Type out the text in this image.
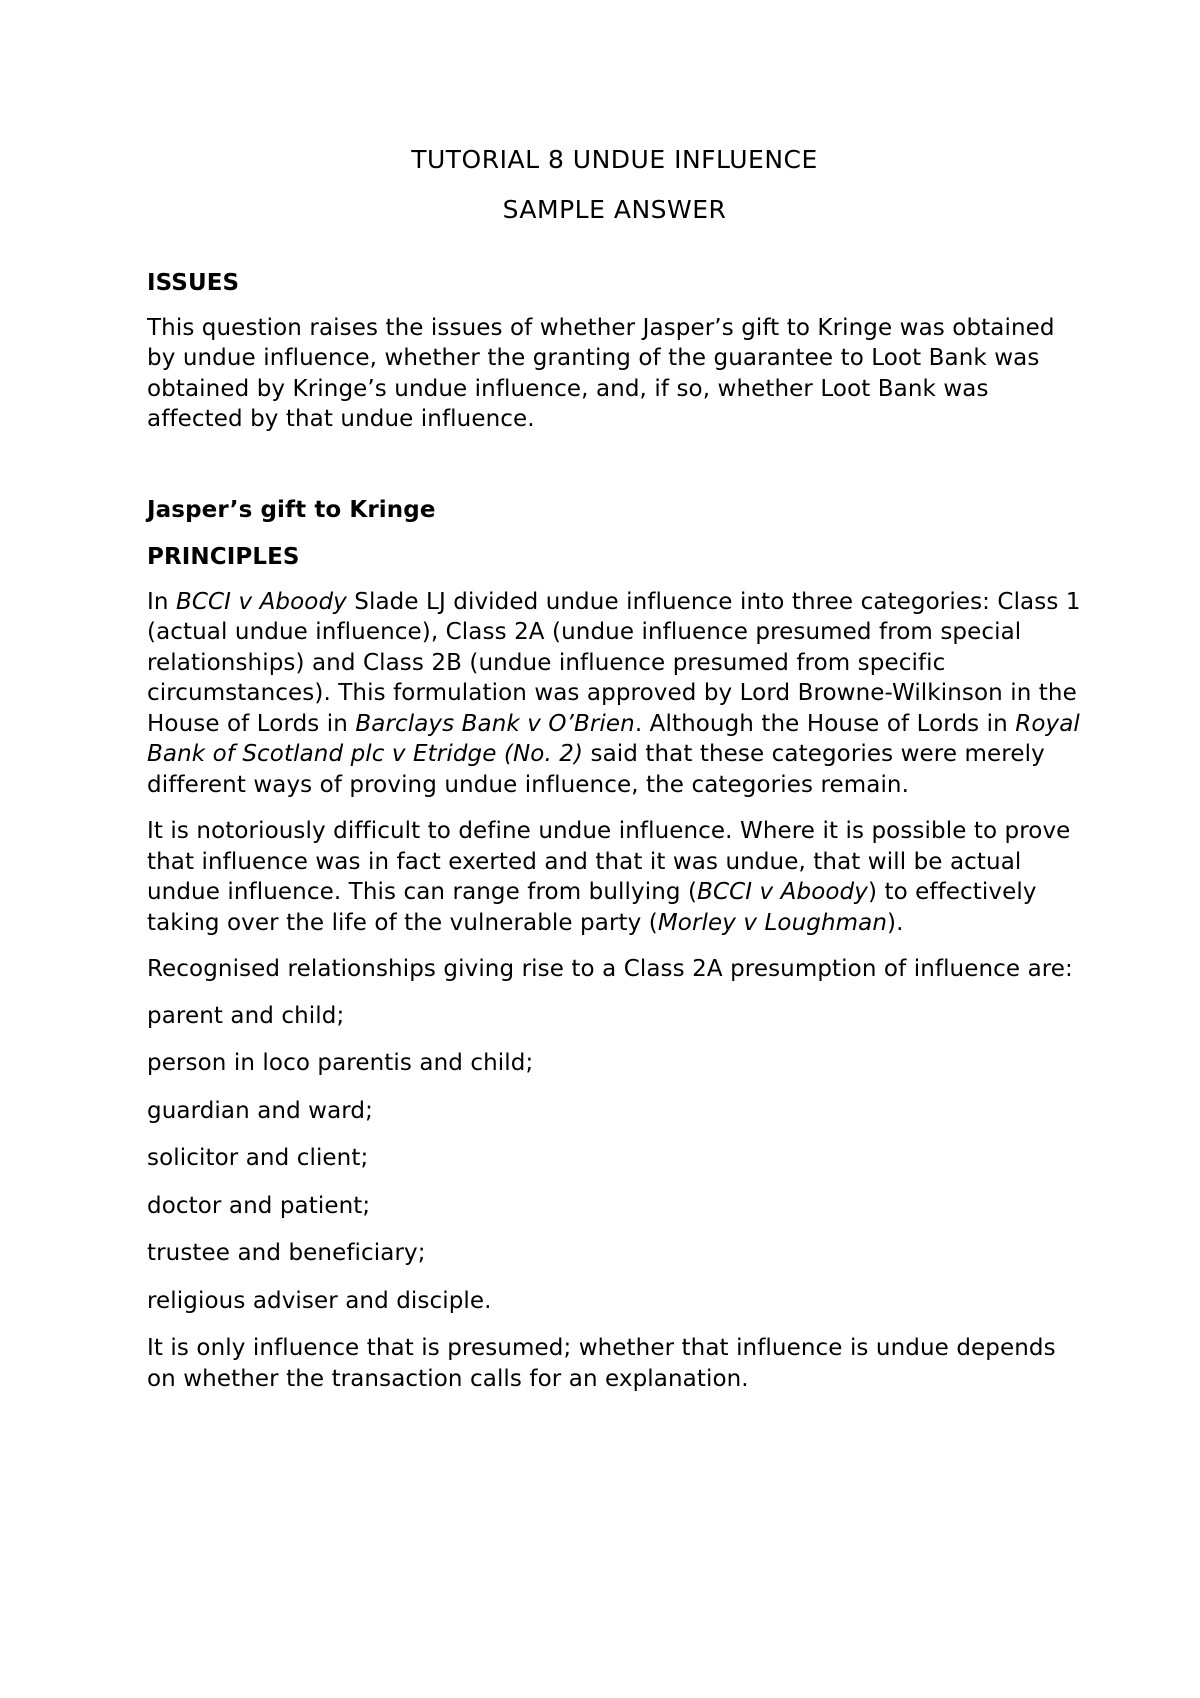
TUTORIAL 8 UNDUE INFLUENCE
SAMPLE ANSWER
ISSUES

This question raises the issues of whether Jasper’s gift to Kringe was obtained by undue influence, whether the granting of the guarantee to Loot Bank was obtained by Kringe’s undue influence, and, if so, whether Loot Bank was affected by that undue influence.

Jasper’s gift to Kringe
PRINCIPLES

In BCCI v Aboody Slade LJ divided undue influence into three categories: Class 1 (actual undue influence), Class 2A (undue influence presumed from special relationships) and Class 2B (undue influence presumed from specific circumstances). This formulation was approved by Lord Browne-Wilkinson in the House of Lords in Barclays Bank v O’Brien. Although the House of Lords in Royal Bank of Scotland plc v Etridge (No. 2) said that these categories were merely different ways of proving undue influence, the categories remain.

It is notoriously difficult to define undue influence. Where it is possible to prove that influence was in fact exerted and that it was undue, that will be actual undue influence. This can range from bullying (BCCI v Aboody) to effectively taking over the life of the vulnerable party (Morley v Loughman).

Recognised relationships giving rise to a Class 2A presumption of influence are:

parent and child;
person in loco parentis and child;
guardian and ward;
solicitor and client;
doctor and patient;
trustee and beneficiary;
religious adviser and disciple.

It is only influence that is presumed; whether that influence is undue depends on whether the transaction calls for an explanation.
